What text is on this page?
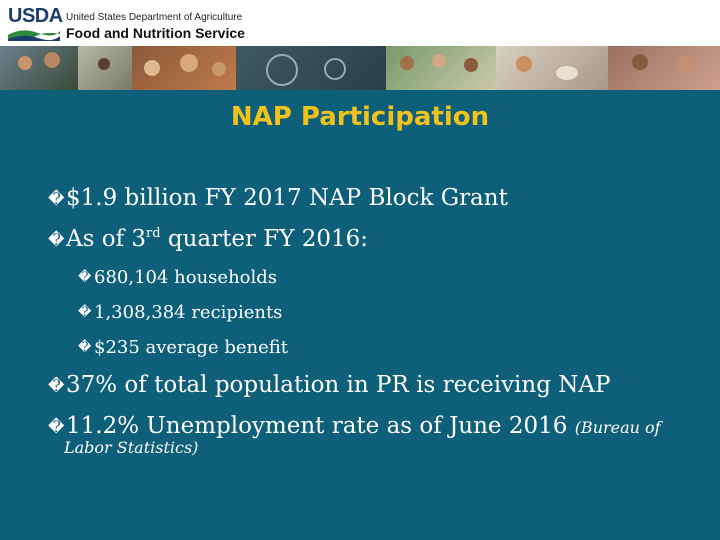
USDA United States Department of Agriculture
Food and Nutrition Service
NAP Participation
�$1.9 billion FY 2017 NAP Block Grant
�As of 3rd quarter FY 2016:
� 680,104 households
� 1,308,384 recipients
� $235 average benefit
�37% of total population in PR is receiving NAP
�11.2% Unemployment rate as of June 2016 (Bureau of
Labor Statistics)
